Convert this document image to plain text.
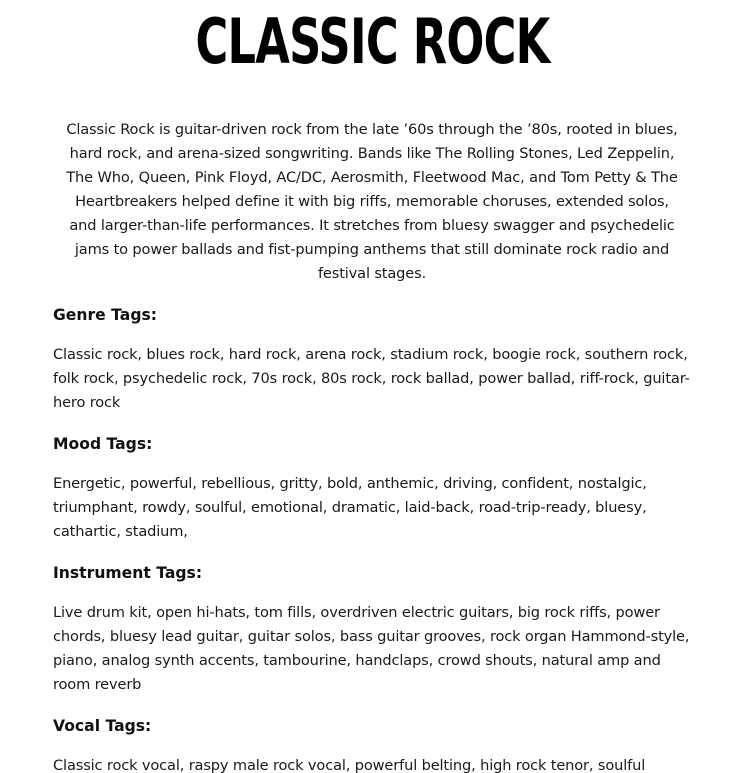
CLASSIC ROCK

Classic Rock is guitar-driven rock from the late ’60s through the ’80s, rooted in blues, hard rock, and arena-sized songwriting. Bands like The Rolling Stones, Led Zeppelin, The Who, Queen, Pink Floyd, AC/DC, Aerosmith, Fleetwood Mac, and Tom Petty & The Heartbreakers helped define it with big riffs, memorable choruses, extended solos, and larger-than-life performances. It stretches from bluesy swagger and psychedelic jams to power ballads and fist-pumping anthems that still dominate rock radio and festival stages.

Genre Tags:

Classic rock, blues rock, hard rock, arena rock, stadium rock, boogie rock, southern rock, folk rock, psychedelic rock, 70s rock, 80s rock, rock ballad, power ballad, riff-rock, guitar-hero rock

Mood Tags:

Energetic, powerful, rebellious, gritty, bold, anthemic, driving, confident, nostalgic, triumphant, rowdy, soulful, emotional, dramatic, laid-back, road-trip-ready, bluesy, cathartic, stadium,

Instrument Tags:

Live drum kit, open hi-hats, tom fills, overdriven electric guitars, big rock riffs, power chords, bluesy lead guitar, guitar solos, bass guitar grooves, rock organ Hammond-style, piano, analog synth accents, tambourine, handclaps, crowd shouts, natural amp and room reverb

Vocal Tags:

Classic rock vocal, raspy male rock vocal, powerful belting, high rock tenor, soulful
